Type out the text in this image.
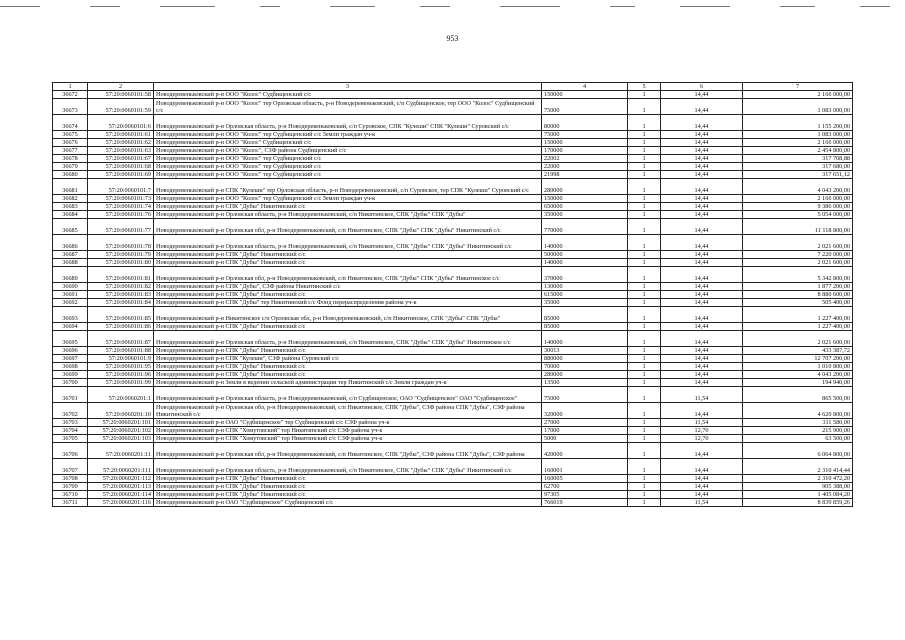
953
1	2	3	4	5	6	7
36672	57:20:0060101:58	Новодеревеньковский р-н ООО "Колос" Судбищенский с/с	150000	1	14,44	2 166 000,00
36673	57:20:0060101:59	Новодеревеньковский р-н ООО "Колос" тер Орловская область, р-н Новодеревеньковский, с/п Судбищенское, тер ООО "Колос" Судбищенский с/с	75000	1	14,44	1 083 000,00
36674	57:20:0060101:6	Новодеревеньковский р-н Орловская область, р-н Новодеревеньковский, с/п Суровское, СПК "Кулеши" СПК "Кулеши" Суровский с/с	80000	1	14,44	1 155 200,00
36675	57:20:0060101:61	Новодеревеньковский р-н ООО "Колос" тер Судбищенский с/с Земли граждан уч-к	75000	1	14,44	1 083 000,00
36676	57:20:0060101:62	Новодеревеньковский р-н ООО "Колос" Судбищенский с/с	150000	1	14,44	2 166 000,00
36677	57:20:0060101:63	Новодеревеньковский р-н ООО "Колос", СЗФ района Судбищенский с/с	170000	1	14,44	2 454 800,00
36678	57:20:0060101:67	Новодеревеньковский р-н ООО "Колос" тер Судбищенский с/с	22002	1	14,44	317 708,88
36679	57:20:0060101:68	Новодеревеньковский р-н ООО "Колос" тер Судбищенский с/с	22000	1	14,44	317 680,00
36680	57:20:0060101:69	Новодеревеньковский р-н ООО "Колос" тер Судбищенский с/с	21998	1	14,44	317 651,12
36681	57:20:0060101:7	Новодеревеньковский р-н СПК "Кулеши" тер Орловская область, р-н Новодеревеньковский, с/п Суровское, тер СПК "Кулеши" Суровский с/с	280000	1	14,44	4 043 200,00
36682	57:20:0060101:73	Новодеревеньковский р-н ООО "Колос" тер Судбищенский с/с Земли граждан уч-к	150000	1	14,44	2 166 000,00
36683	57:20:0060101:74	Новодеревеньковский р-н СПК "Дубы" Никитинский с/с	650000	1	14,44	9 386 000,00
36684	57:20:0060101:76	Новодеревеньковский р-н Орловская область, р-н Новодеревеньковский, с/п Никитинское, СПК "Дубы" СПК "Дубы"	350000	1	14,44	5 054 000,00
36685	57:20:0060101:77	Новодеревеньковский р-н Орловская обл, р-н Новодеревеньковский, с/п Никитинское, СПК "Дубы" СПК "Дубы" Никитинский с/с	770000	1	14,44	11 118 800,00
36686	57:20:0060101:78	Новодеревеньковский р-н Орловская область, р-н Новодеревеньковский, с/п Никитинское, СПК "Дубы" СПК "Дубы" Никитинский с/с	140000	1	14,44	2 021 600,00
36687	57:20:0060101:79	Новодеревеньковский р-н СПК "Дубы" Никитинский с/с	500000	1	14,44	7 220 000,00
36688	57:20:0060101:80	Новодеревеньковский р-н СПК "Дубы" Никитинский с/с	140000	1	14,44	2 021 600,00
36689	57:20:0060101:81	Новодеревеньковский р-н Орловская обл, р-н Новодеревеньковский, с/п Никитинское, СПК "Дубы" СПК "Дубы" Никитинское с/с	370000	1	14,44	5 342 800,00
36690	57:20:0060101:82	Новодеревеньковский р-н СПК "Дубы", СЗФ района Никитинский с/с	130000	1	14,44	1 877 200,00
36691	57:20:0060101:83	Новодеревеньковский р-н СПК "Дубы" Никитинский с/с	615000	1	14,44	8 880 600,00
36692	57:20:0060101:84	Новодеревеньковский р-н СПК "Дубы" тер Никитинский с/с Фонд перераспределения района уч-к	35000	1	14,44	505 400,00
36693	57:20:0060101:85	Новодеревеньковский р-н Никитинское с/п Орловская обл, р-н Новодеревеньковский, с/п Никитинское, СПК "Дубы" СПК "Дубы"	85000	1	14,44	1 227 400,00
36694	57:20:0060101:86	Новодеревеньковский р-н СПК "Дубы" Никитинский с/с	85000	1	14,44	1 227 400,00
36695	57:20:0060101:87	Новодеревеньковский р-н Орловская область, р-н Новодеревеньковский, с/п Никитинское, СПК "Дубы" СПК "Дубы" Никитинское с/с	140000	1	14,44	2 021 600,00
36696	57:20:0060101:88	Новодеревеньковский р-н СПК "Дубы" Никитинский с/с	30013	1	14,44	433 387,72
36697	57:20:0060101:9	Новодеревеньковский р-н СПК "Кулеши", СЗФ района Суровский с/с	880000	1	14,44	12 707 200,00
36698	57:20:0060101:95	Новодеревеньковский р-н СПК "Дубы" Никитинский с/с	70000	1	14,44	1 010 800,00
36699	57:20:0060101:96	Новодеревеньковский р-н СПК "Дубы" Никитинский с/с	280000	1	14,44	4 043 200,00
36700	57:20:0060101:99	Новодеревеньковский р-н Земли в ведении сельской администрации тер Никитинский с/с Земли граждан уч-к	13500	1	14,44	194 940,00
36701	57:20:0060201:1	Новодеревеньковский р-н Орловская область, р-н Новодеревеньковский, с/п Судбищенское, ОАО "Судбищенское" ОАО "Судбищенское"	75000	1	11,54	865 500,00
36702	57:20:0060201:10	Новодеревеньковский р-н Орловская обл, р-н Новодеревеньковский, с/п Никитинское, СПК "Дубы", СЗФ района СПК "Дубы", СЗФ района Никитинский с/с	320000	1	14,44	4 620 800,00
36703	57:20:0060201:101	Новодеревеньковский р-н ОАО "Судбищенское" тер Судбищенский с/с СЗФ района уч-к	27000	1	11,54	311 580,00
36704	57:20:0060201:102	Новодеревеньковский р-н СПК "Хомутовский" тер Никитинский с/с СЗФ района уч-к	17000	1	12,70	215 900,00
36705	57:20:0060201:103	Новодеревеньковский р-н СПК "Хомутовский" тер Никитинский с/с СЗФ района уч-к	5000	1	12,70	63 500,00
36706	57:20:0060201:11	Новодеревеньковский р-н Орловская обл, р-н Новодеревеньковский, с/п Никитинское, СПК "Дубы", СЗФ района СПК "Дубы", СЗФ района	420000	1	14,44	6 064 800,00
36707	57:20:0060201:111	Новодеревеньковский р-н Орловская область, р-н Новодеревеньковский, с/п Никитинское, СПК "Дубы" СПК "Дубы" Никитинский с/с	160001	1	14,44	2 310 414,44
36708	57:20:0060201:112	Новодеревеньковский р-н СПК "Дубы" Никитинский с/с	160005	1	14,44	2 310 472,20
36709	57:20:0060201:113	Новодеревеньковский р-н СПК "Дубы" Никитинский с/с	62700	1	14,44	905 388,00
36710	57:20:0060201:114	Новодеревеньковский р-н СПК "Дубы" Никитинский с/с	97305	1	14,44	1 405 084,20
36711	57:20:0060201:116	Новодеревеньковский р-н ОАО "Судбищенское" Судбищенский с/с	766019	1	11,54	8 839 859,26
